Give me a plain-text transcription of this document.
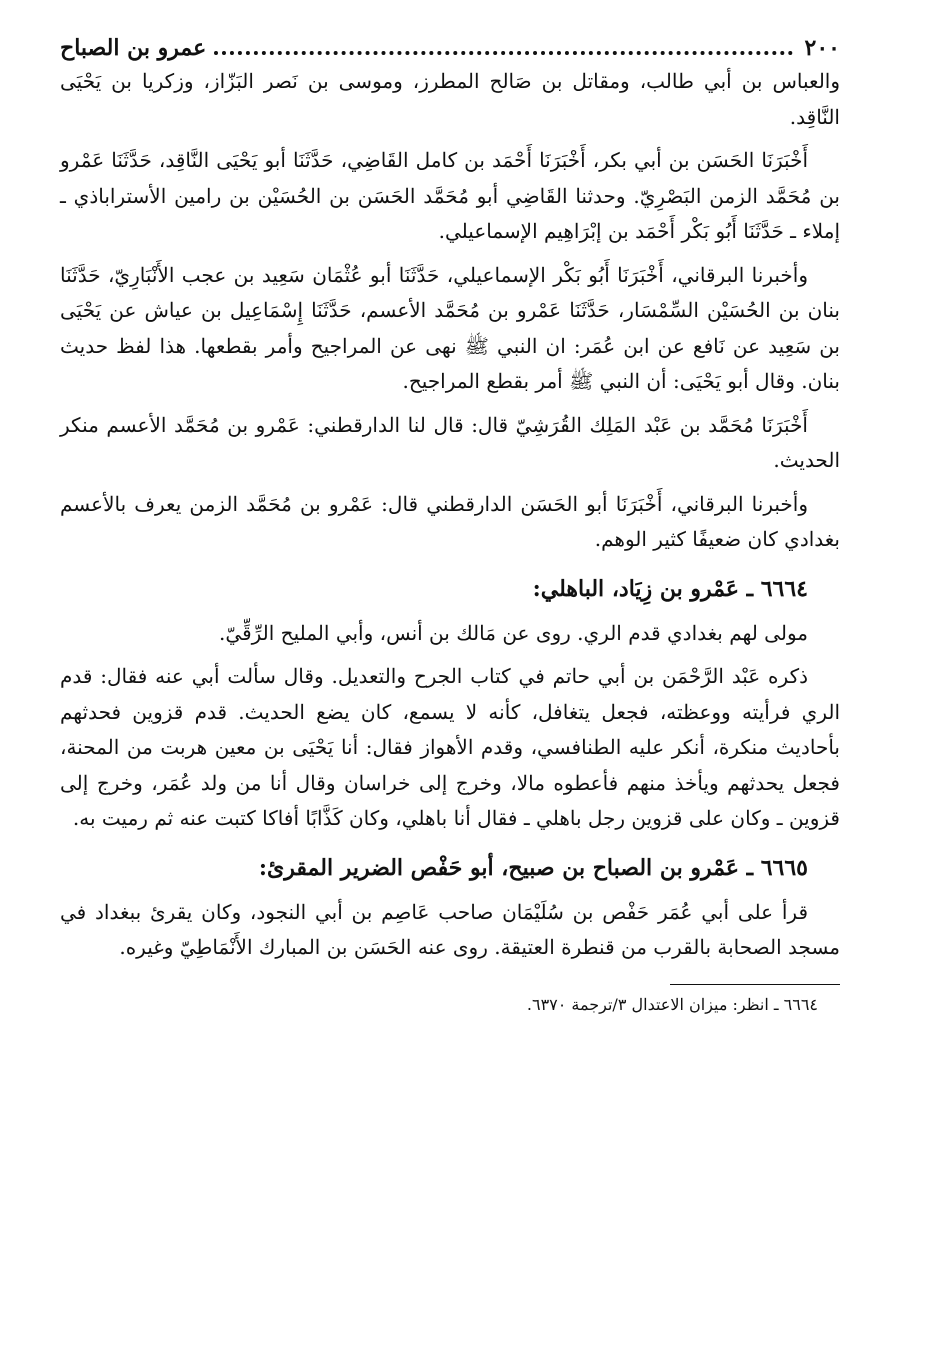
٢٠٠
عمرو بن الصباح

والعباس بن أبي طالب، ومقاتل بن صَالح المطرز، وموسى بن نَصر البَزّاز، وزكريا بن يَحْيَى النَّاقِد.

أَخْبَرَنَا الحَسَن بن أبي بكر، أَخْبَرَنَا أَحْمَد بن كامل القَاضِي، حَدَّثَنَا أبو يَحْيَى النَّاقِد، حَدَّثَنَا عَمْرو بن مُحَمَّد الزمن البَصْرِيّ. وحدثنا القَاضِي أبو مُحَمَّد الحَسَن بن الحُسَيْن بن رامين الأستراباذي ـ إملاء ـ حَدَّثَنَا أَبُو بَكْر أَحْمَد بن إبْرَاهِيم الإسماعيلي.

وأخبرنا البرقاني، أَخْبَرَنَا أَبُو بَكْر الإسماعيلي، حَدَّثَنَا أبو عُثْمَان سَعِيد بن عجب الأَنْبَارِيّ، حَدَّثَنَا بنان بن الحُسَيْن السِّمْسَار، حَدَّثَنَا عَمْرو بن مُحَمَّد الأعسم، حَدَّثَنَا إِسْمَاعِيل بن عياش عن يَحْيَى بن سَعِيد عن نَافع عن ابن عُمَر: ان النبي ﷺ نهى عن المراجيح وأمر بقطعها. هذا لفظ حديث بنان. وقال أبو يَحْيَى: أن النبي ﷺ أمر بقطع المراجيح.

أَخْبَرَنَا مُحَمَّد بن عَبْد المَلِك القُرَشِيّ قال: قال لنا الدارقطني: عَمْرو بن مُحَمَّد الأعسم منكر الحديث.

وأخبرنا البرقاني، أَخْبَرَنَا أبو الحَسَن الدارقطني قال: عَمْرو بن مُحَمَّد الزمن يعرف بالأعسم بغدادي كان ضعيفًا كثير الوهم.

٦٦٦٤ ـ عَمْرو بن زِيَاد، الباهلي:

مولى لهم بغدادي قدم الري. روى عن مَالك بن أنس، وأبي المليح الرِّقِّيّ.

ذكره عَبْد الرَّحْمَن بن أبي حاتم في كتاب الجرح والتعديل. وقال سألت أبي عنه فقال: قدم الري فرأيته ووعظته، فجعل يتغافل، كأنه لا يسمع، كان يضع الحديث. قدم قزوين فحدثهم بأحاديث منكرة، أنكر عليه الطنافسي، وقدم الأهواز فقال: أنا يَحْيَى بن معين هربت من المحنة، فجعل يحدثهم ويأخذ منهم فأعطوه مالا، وخرج إلى خراسان وقال أنا من ولد عُمَر، وخرج إلى قزوين ـ وكان على قزوين رجل باهلي ـ فقال أنا باهلي، وكان كَذَّابًا أفاكا كتبت عنه ثم رميت به.

٦٦٦٥ ـ عَمْرو بن الصباح بن صبيح، أبو حَفْص الضرير المقرئ:

قرأ على أبي عُمَر حَفْص بن سُلَيْمَان صاحب عَاصِم بن أبي النجود، وكان يقرئ ببغداد في مسجد الصحابة بالقرب من قنطرة العتيقة. روى عنه الحَسَن بن المبارك الأَنْمَاطِيّ وغيره.

٦٦٦٤ ـ انظر: ميزان الاعتدال ٣/ترجمة ٦٣٧٠.
